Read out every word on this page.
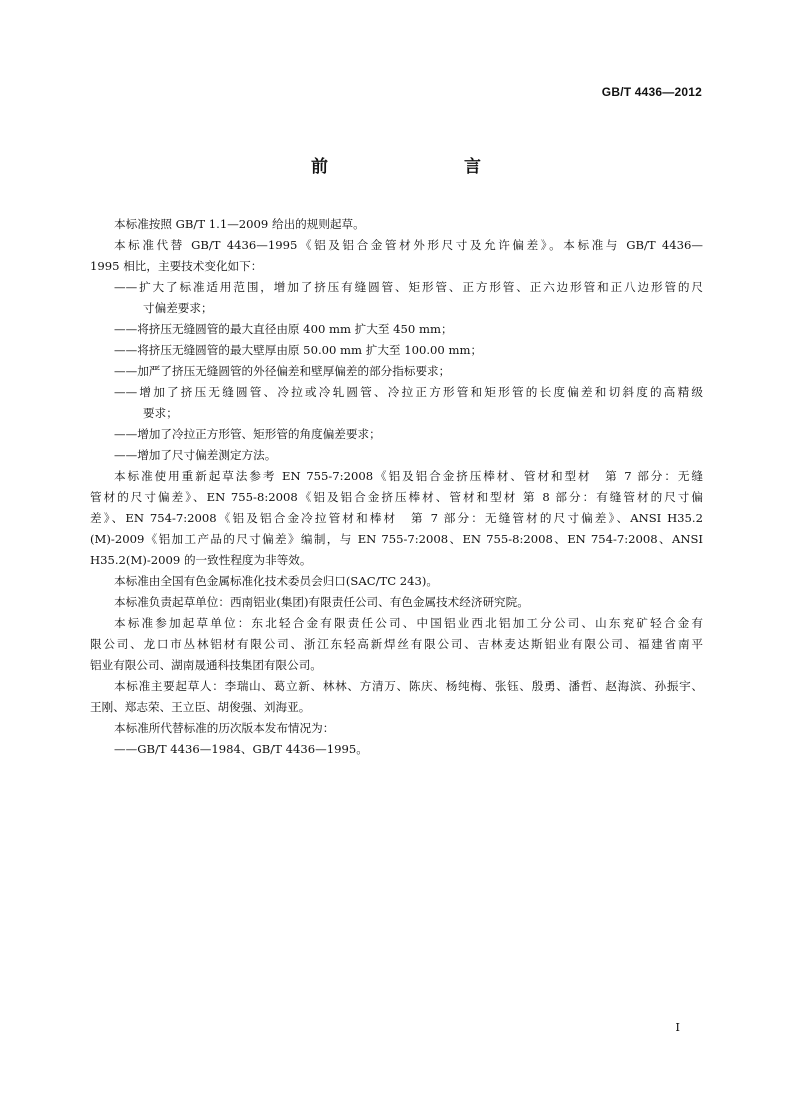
GB/T 4436—2012
前　　言
本标准按照 GB/T 1.1—2009 给出的规则起草。
本标准代替 GB/T 4436—1995《铝及铝合金管材外形尺寸及允许偏差》。本标准与 GB/T 4436—
1995 相比，主要技术变化如下：
——扩大了标准适用范围，增加了挤压有缝圆管、矩形管、正方形管、正六边形管和正八边形管的尺
寸偏差要求；
——将挤压无缝圆管的最大直径由原 400 mm 扩大至 450 mm；
——将挤压无缝圆管的最大壁厚由原 50.00 mm 扩大至 100.00 mm；
——加严了挤压无缝圆管的外径偏差和壁厚偏差的部分指标要求；
——增加了挤压无缝圆管、冷拉或冷轧圆管、冷拉正方形管和矩形管的长度偏差和切斜度的高精级
要求；
——增加了冷拉正方形管、矩形管的角度偏差要求；
——增加了尺寸偏差测定方法。
本标准使用重新起草法参考 EN 755-7:2008《铝及铝合金挤压棒材、管材和型材　第 7 部分：无缝
管材的尺寸偏差》、EN 755-8:2008《铝及铝合金挤压棒材、管材和型材 第 8 部分：有缝管材的尺寸偏
差》、EN 754-7:2008《铝及铝合金冷拉管材和棒材　第 7 部分：无缝管材的尺寸偏差》、ANSI H35.2
(M)-2009《铝加工产品的尺寸偏差》编制，与 EN 755-7:2008、EN 755-8:2008、EN 754-7:2008、ANSI
H35.2(M)-2009 的一致性程度为非等效。
本标准由全国有色金属标准化技术委员会归口(SAC/TC 243)。
本标准负责起草单位：西南铝业(集团)有限责任公司、有色金属技术经济研究院。
本标准参加起草单位：东北轻合金有限责任公司、中国铝业西北铝加工分公司、山东兖矿轻合金有
限公司、龙口市丛林铝材有限公司、浙江东轻高新焊丝有限公司、吉林麦达斯铝业有限公司、福建省南平
铝业有限公司、湖南晟通科技集团有限公司。
本标准主要起草人：李瑞山、葛立新、林林、方清万、陈庆、杨纯梅、张钰、殷勇、潘哲、赵海滨、孙振宇、
王刚、郑志荣、王立臣、胡俊强、刘海亚。
本标准所代替标准的历次版本发布情况为：
——GB/T 4436—1984、GB/T 4436—1995。
I
